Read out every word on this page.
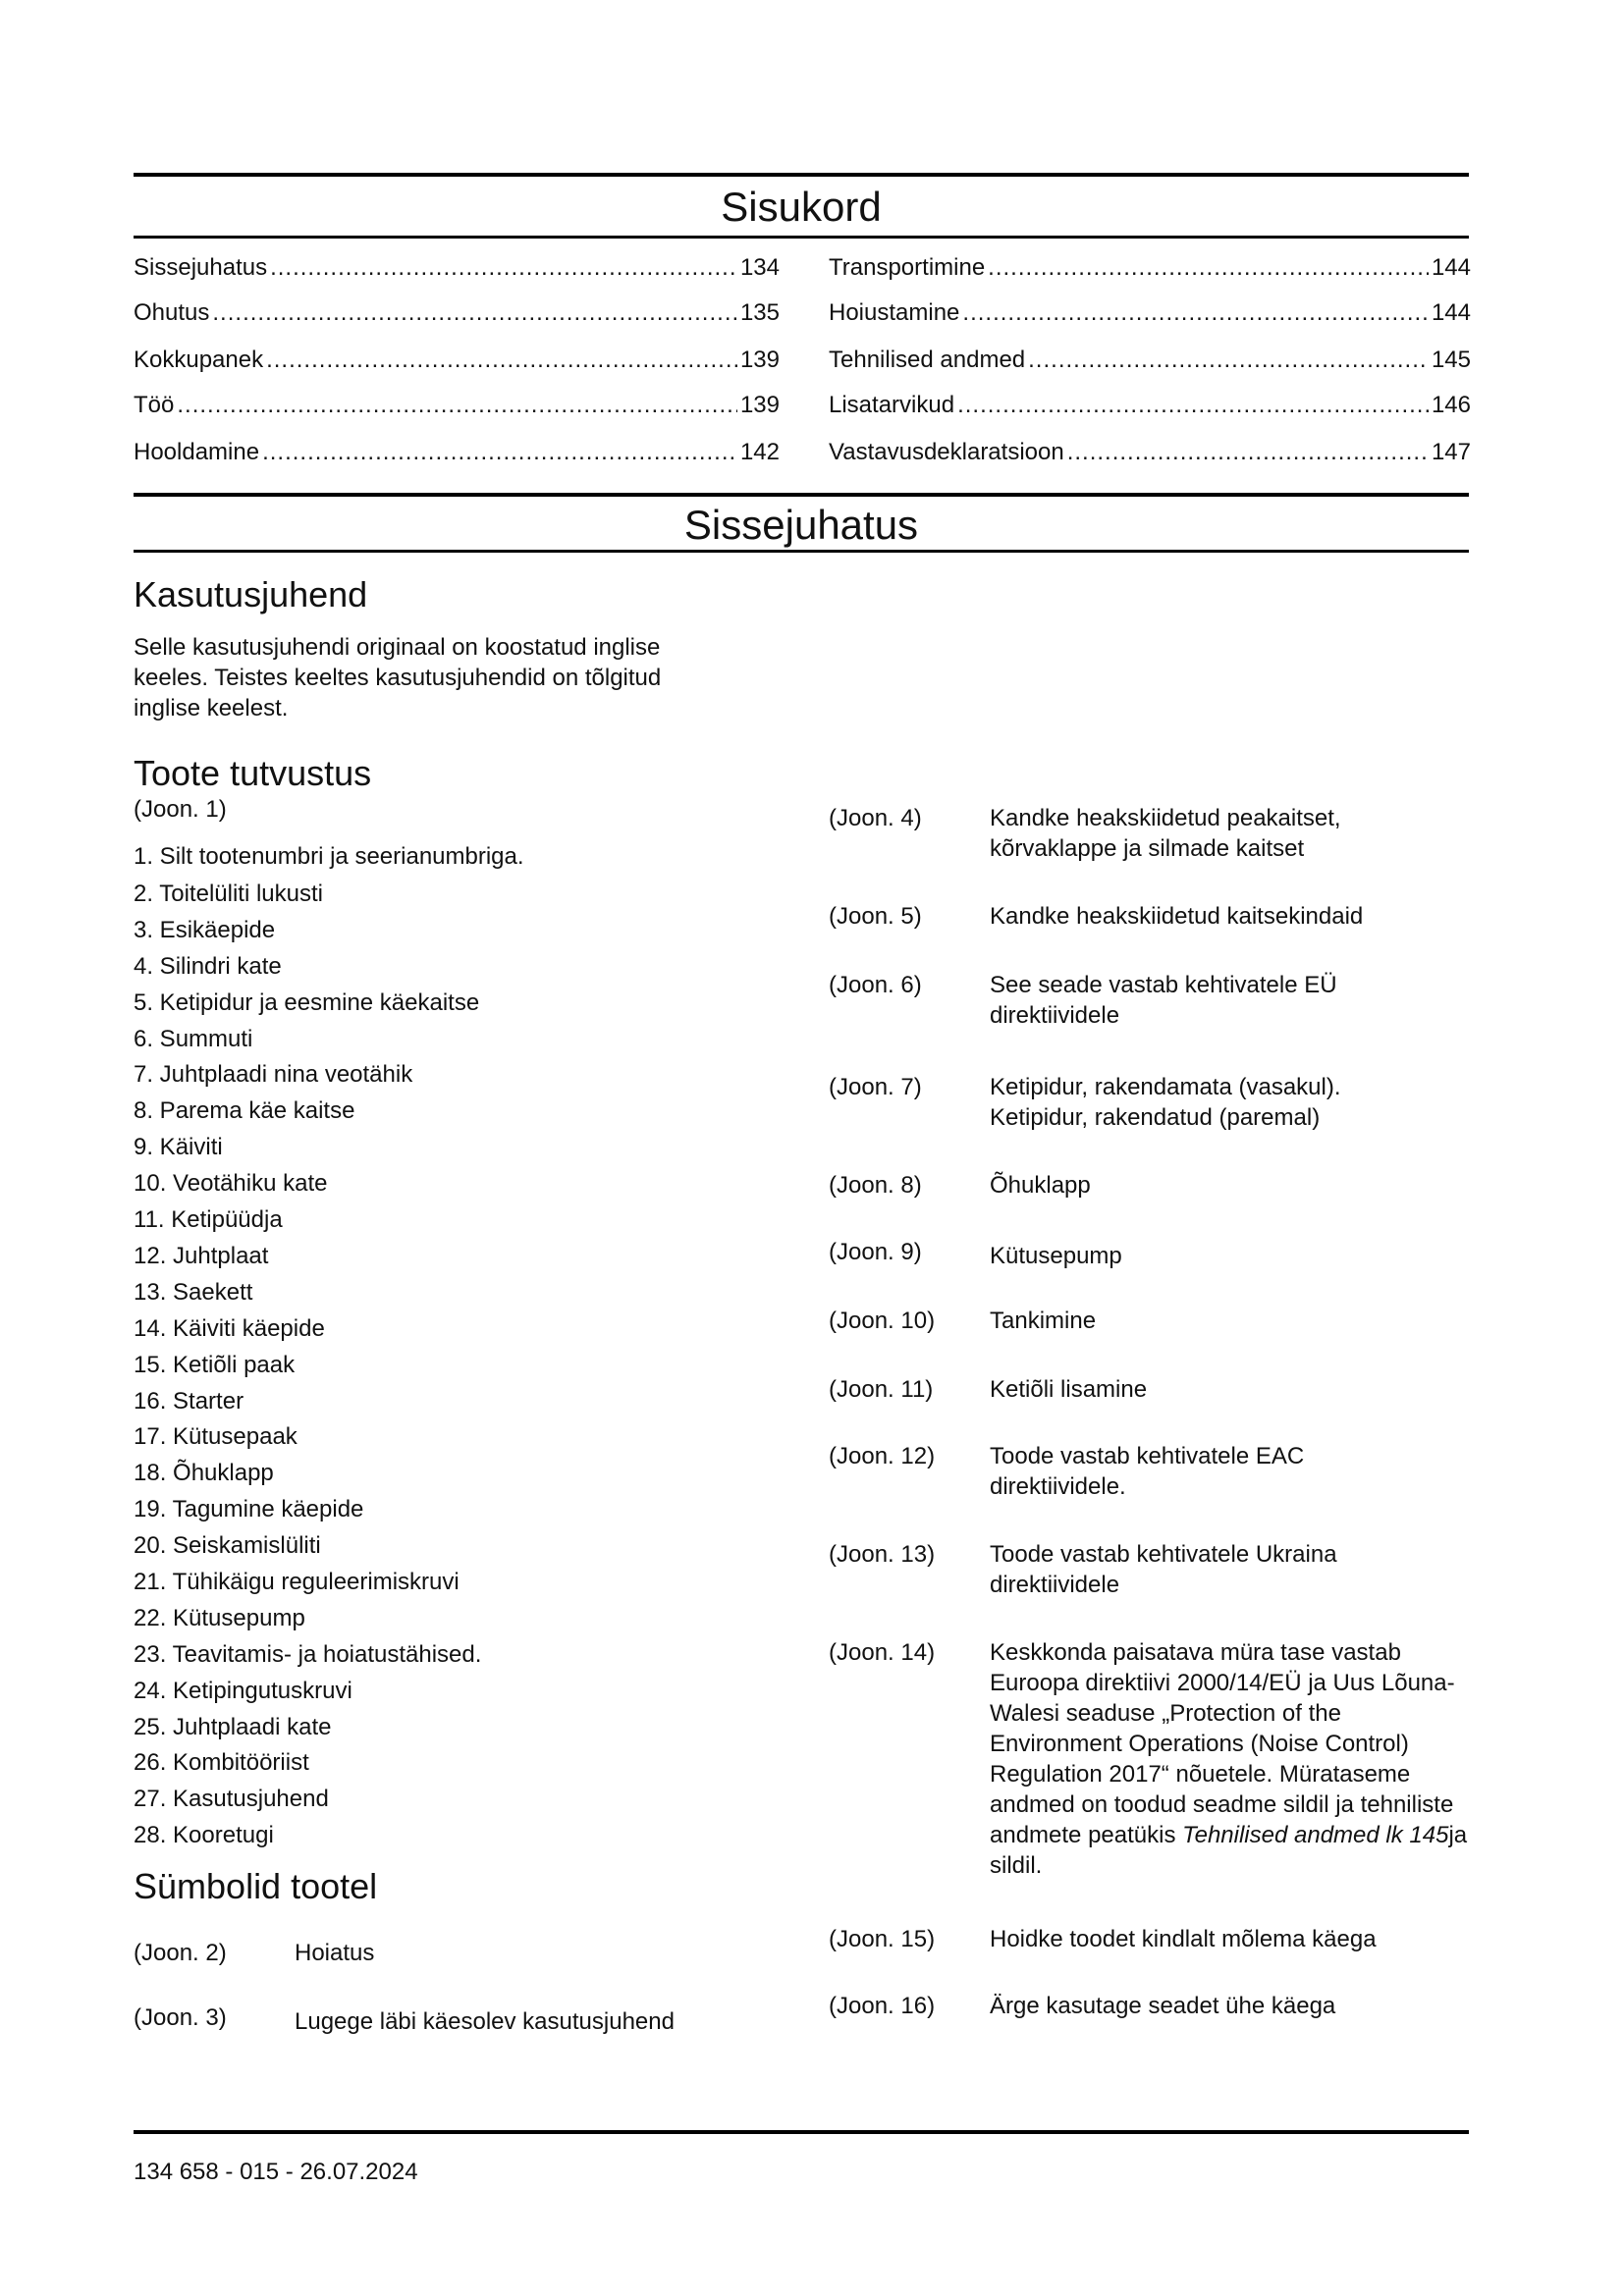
Sisukord
Sissejuhatus .....	134
Ohutus .....	135
Kokkupanek .....	139
Töö .....	139
Hooldamine .....	142
Transportimine .....	144
Hoiustamine .....	144
Tehnilised andmed .....	145
Lisatarvikud .....	146
Vastavusdeklaratsioon .....	147
Sissejuhatus
Kasutusjuhend
Selle kasutusjuhendi originaal on koostatud inglise keeles. Teistes keeltes kasutusjuhendid on tõlgitud inglise keelest.
Toote tutvustus
(Joon. 1)
1. Silt tootenumbri ja seerianumbriga.
2. Toitelüliti lukusti
3. Esikäepide
4. Silindri kate
5. Ketipidur ja eesmine käekaitse
6. Summuti
7. Juhtplaadi nina veotähik
8. Parema käe kaitse
9. Käiviti
10. Veotähiku kate
11. Ketipüüdja
12. Juhtplaat
13. Saekett
14. Käiviti käepide
15. Ketiõli paak
16. Starter
17. Kütusepaak
18. Õhuklapp
19. Tagumine käepide
20. Seiskamislüliti
21. Tühikäigu reguleerimiskruvi
22. Kütusepump
23. Teavitamis- ja hoiatustähised.
24. Ketipingutuskruvi
25. Juhtplaadi kate
26. Kombitööriist
27. Kasutusjuhend
28. Kooretugi
Sümbolid tootel
(Joon. 2)	Hoiatus
(Joon. 3)	Lugege läbi käesolev kasutusjuhend
(Joon. 4)	Kandke heakskiidetud peakaitset, kõrvaklappe ja silmade kaitset
(Joon. 5)	Kandke heakskiidetud kaitsekindaid
(Joon. 6)	See seade vastab kehtivatele EÜ direktiividele
(Joon. 7)	Ketipidur, rakendamata (vasakul). Ketipidur, rakendatud (paremal)
(Joon. 8)	Õhuklapp
(Joon. 9)	Kütusepump
(Joon. 10) Tankimine
(Joon. 11) Ketiõli lisamine
(Joon. 12) Toode vastab kehtivatele EAC direktiividele.
(Joon. 13) Toode vastab kehtivatele Ukraina direktiividele
(Joon. 14) Keskkonda paisatava müra tase vastab Euroopa direktiivi 2000/14/EÜ ja Uus Lõuna-Walesi seaduse „Protection of the Environment Operations (Noise Control) Regulation 2017“ nõuetele. Mürataseme andmed on toodud seadme sildil ja tehniliste andmete peatükis Tehnilised andmed lk 145ja sildil.
(Joon. 15) Hoidke toodet kindlalt mõlema käega
(Joon. 16) Ärge kasutage seadet ühe käega
134 658 - 015 - 26.07.2024
